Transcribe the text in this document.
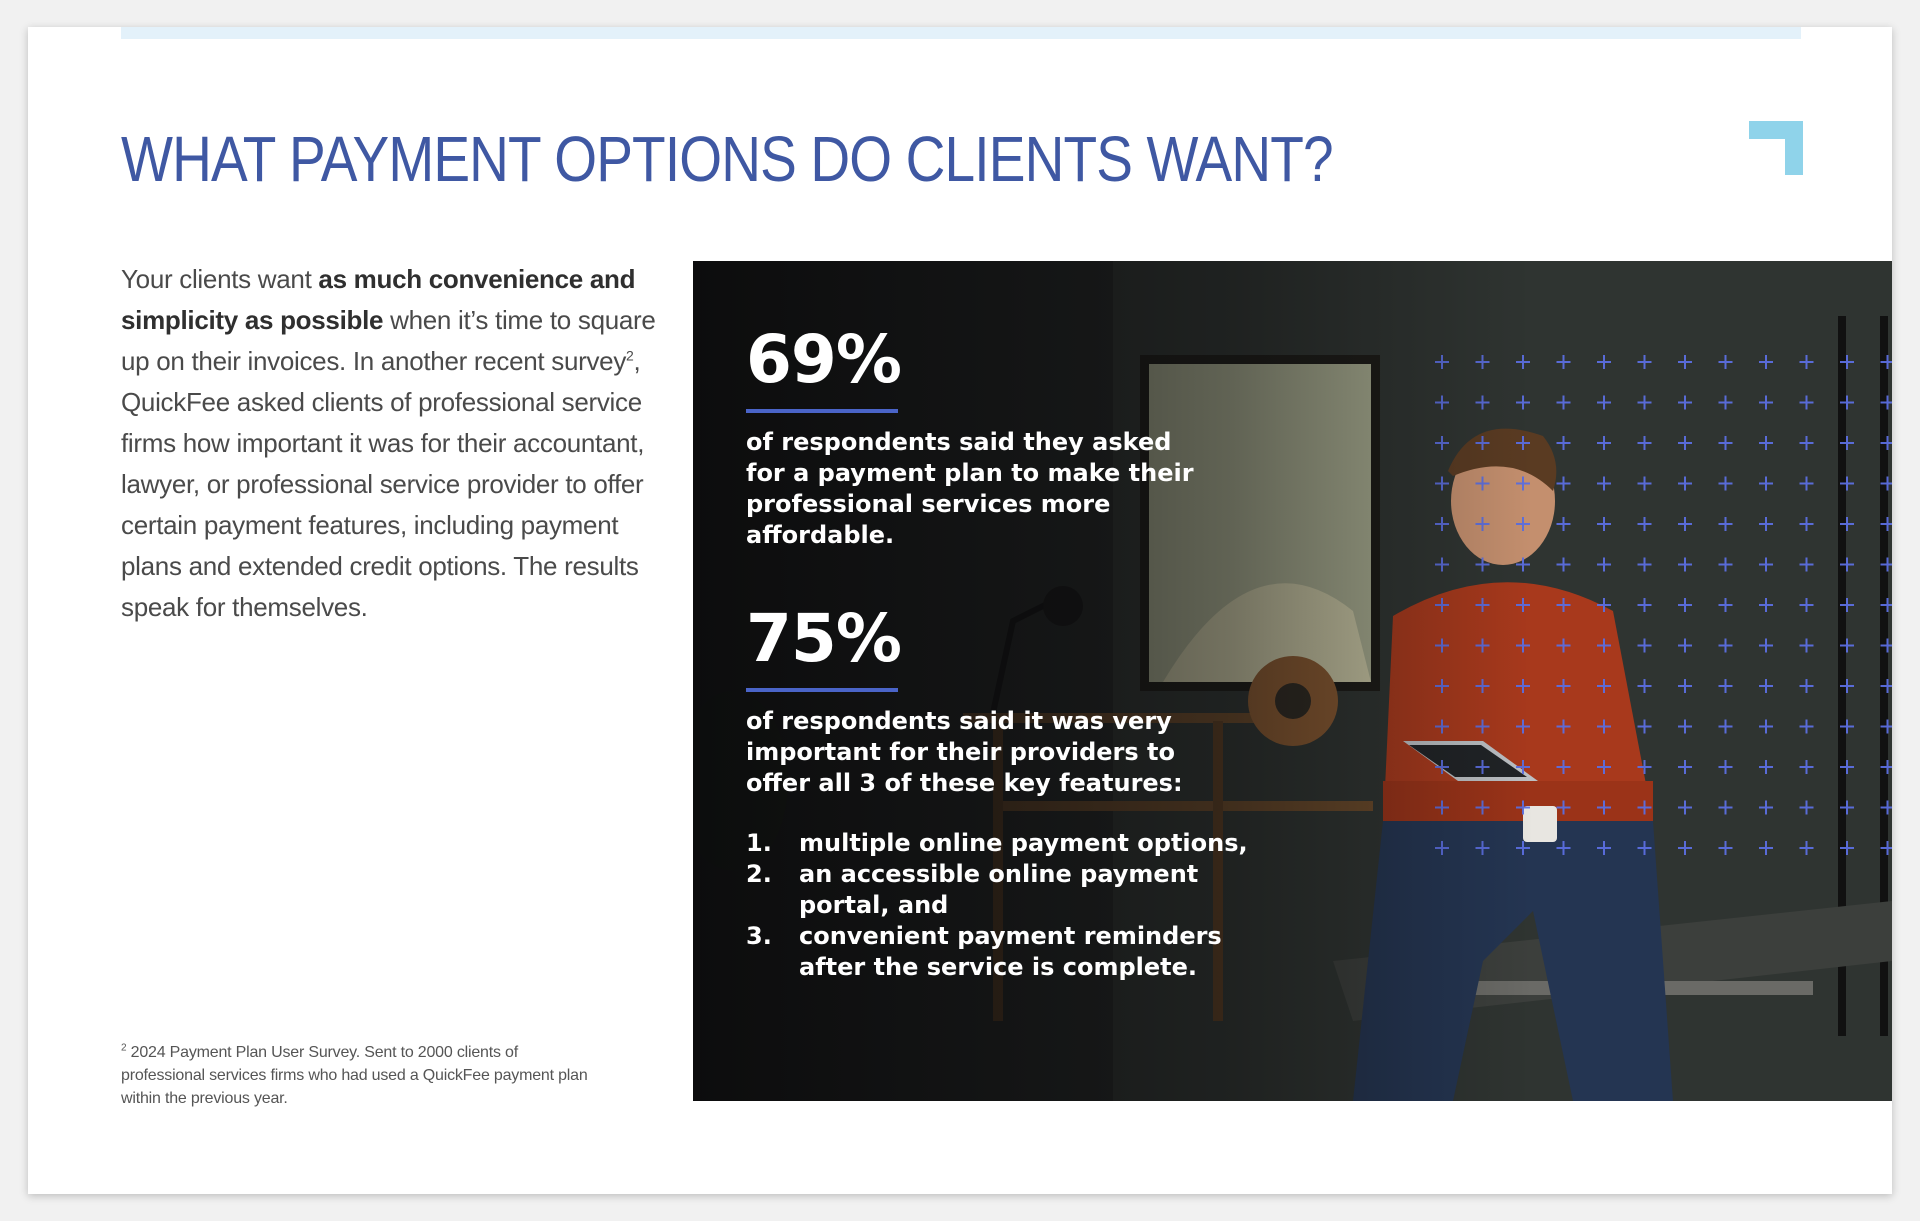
WHAT PAYMENT OPTIONS DO CLIENTS WANT?

Your clients want as much convenience and simplicity as possible when it’s time to square up on their invoices. In another recent survey$^2$, QuickFee asked clients of professional service firms how important it was for their accountant, lawyer, or professional service provider to offer certain payment features, including payment plans and extended credit options. The results speak for themselves.

$^2$ 2024 Payment Plan User Survey. Sent to 2000 clients of professional services firms who had used a QuickFee payment plan within the previous year.

69%
of respondents said they asked for a payment plan to make their professional services more affordable.
75%
of respondents said it was very important for their providers to offer all 3 of these key features:
1.	multiple online payment options,
2.	an accessible online payment portal, and
3.	convenient payment reminders after the service is complete.
